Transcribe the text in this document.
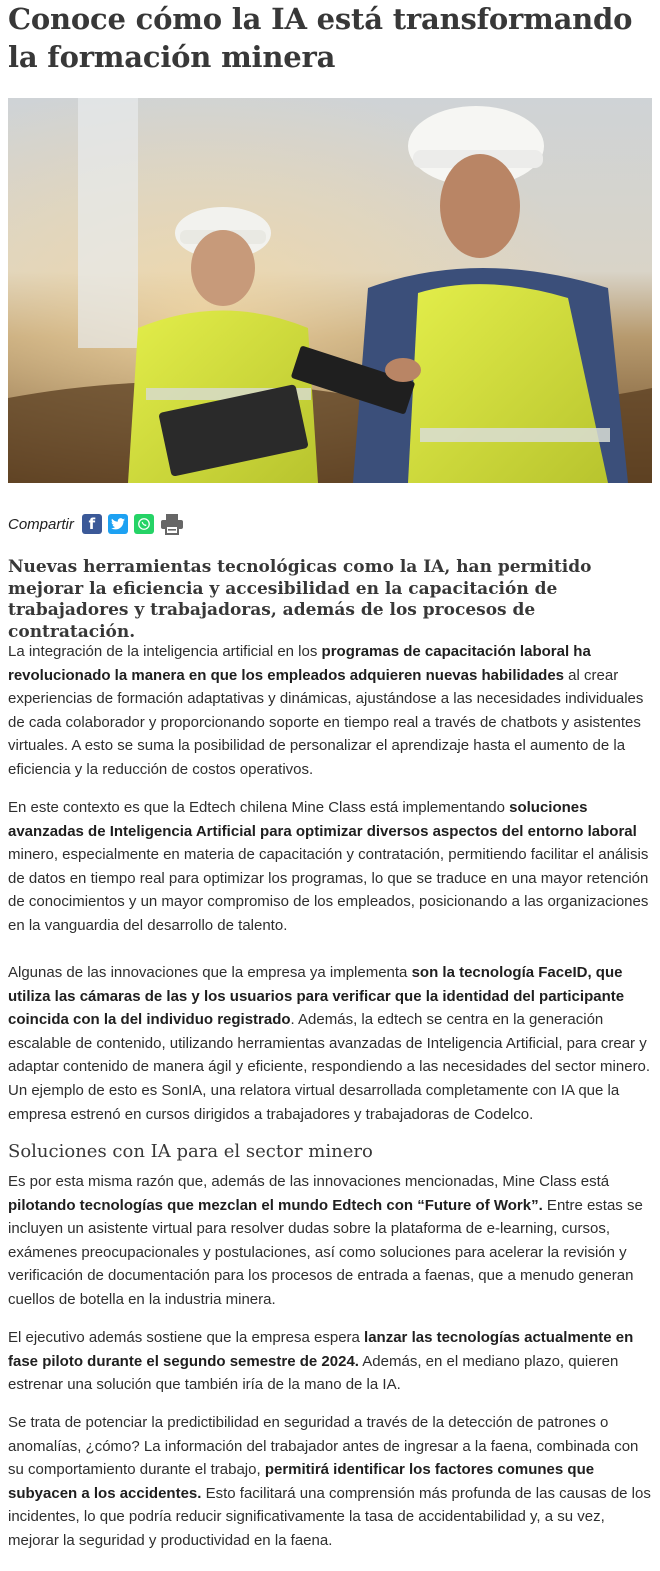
Conoce cómo la IA está transformando la formación minera
Compartir f

Nuevas herramientas tecnológicas como la IA, han permitido mejorar la eficiencia y accesibilidad en la capacitación de trabajadores y trabajadoras, además de los procesos de contratación.

La integración de la inteligencia artificial en los programas de capacitación laboral ha revolucionado la manera en que los empleados adquieren nuevas habilidades al crear experiencias de formación adaptativas y dinámicas, ajustándose a las necesidades individuales de cada colaborador y proporcionando soporte en tiempo real a través de chatbots y asistentes virtuales. A esto se suma la posibilidad de personalizar el aprendizaje hasta el aumento de la eficiencia y la reducción de costos operativos.

En este contexto es que la Edtech chilena Mine Class está implementando soluciones avanzadas de Inteligencia Artificial para optimizar diversos aspectos del entorno laboral minero, especialmente en materia de capacitación y contratación, permitiendo facilitar el análisis de datos en tiempo real para optimizar los programas, lo que se traduce en una mayor retención de conocimientos y un mayor compromiso de los empleados, posicionando a las organizaciones en la vanguardia del desarrollo de talento.

Algunas de las innovaciones que la empresa ya implementa son la tecnología FaceID, que utiliza las cámaras de las y los usuarios para verificar que la identidad del participante coincida con la del individuo registrado. Además, la edtech se centra en la generación escalable de contenido, utilizando herramientas avanzadas de Inteligencia Artificial, para crear y adaptar contenido de manera ágil y eficiente, respondiendo a las necesidades del sector minero. Un ejemplo de esto es SonIA, una relatora virtual desarrollada completamente con IA que la empresa estrenó en cursos dirigidos a trabajadores y trabajadoras de Codelco.

Soluciones con IA para el sector minero

Es por esta misma razón que, además de las innovaciones mencionadas, Mine Class está pilotando tecnologías que mezclan el mundo Edtech con “Future of Work”. Entre estas se incluyen un asistente virtual para resolver dudas sobre la plataforma de e-learning, cursos, exámenes preocupacionales y postulaciones, así como soluciones para acelerar la revisión y verificación de documentación para los procesos de entrada a faenas, que a menudo generan cuellos de botella en la industria minera.

El ejecutivo además sostiene que la empresa espera lanzar las tecnologías actualmente en fase piloto durante el segundo semestre de 2024. Además, en el mediano plazo, quieren estrenar una solución que también iría de la mano de la IA.

Se trata de potenciar la predictibilidad en seguridad a través de la detección de patrones o anomalías, ¿cómo? La información del trabajador antes de ingresar a la faena, combinada con su comportamiento durante el trabajo, permitirá identificar los factores comunes que subyacen a los accidentes. Esto facilitará una comprensión más profunda de las causas de los incidentes, lo que podría reducir significativamente la tasa de accidentabilidad y, a su vez, mejorar la seguridad y productividad en la faena.
